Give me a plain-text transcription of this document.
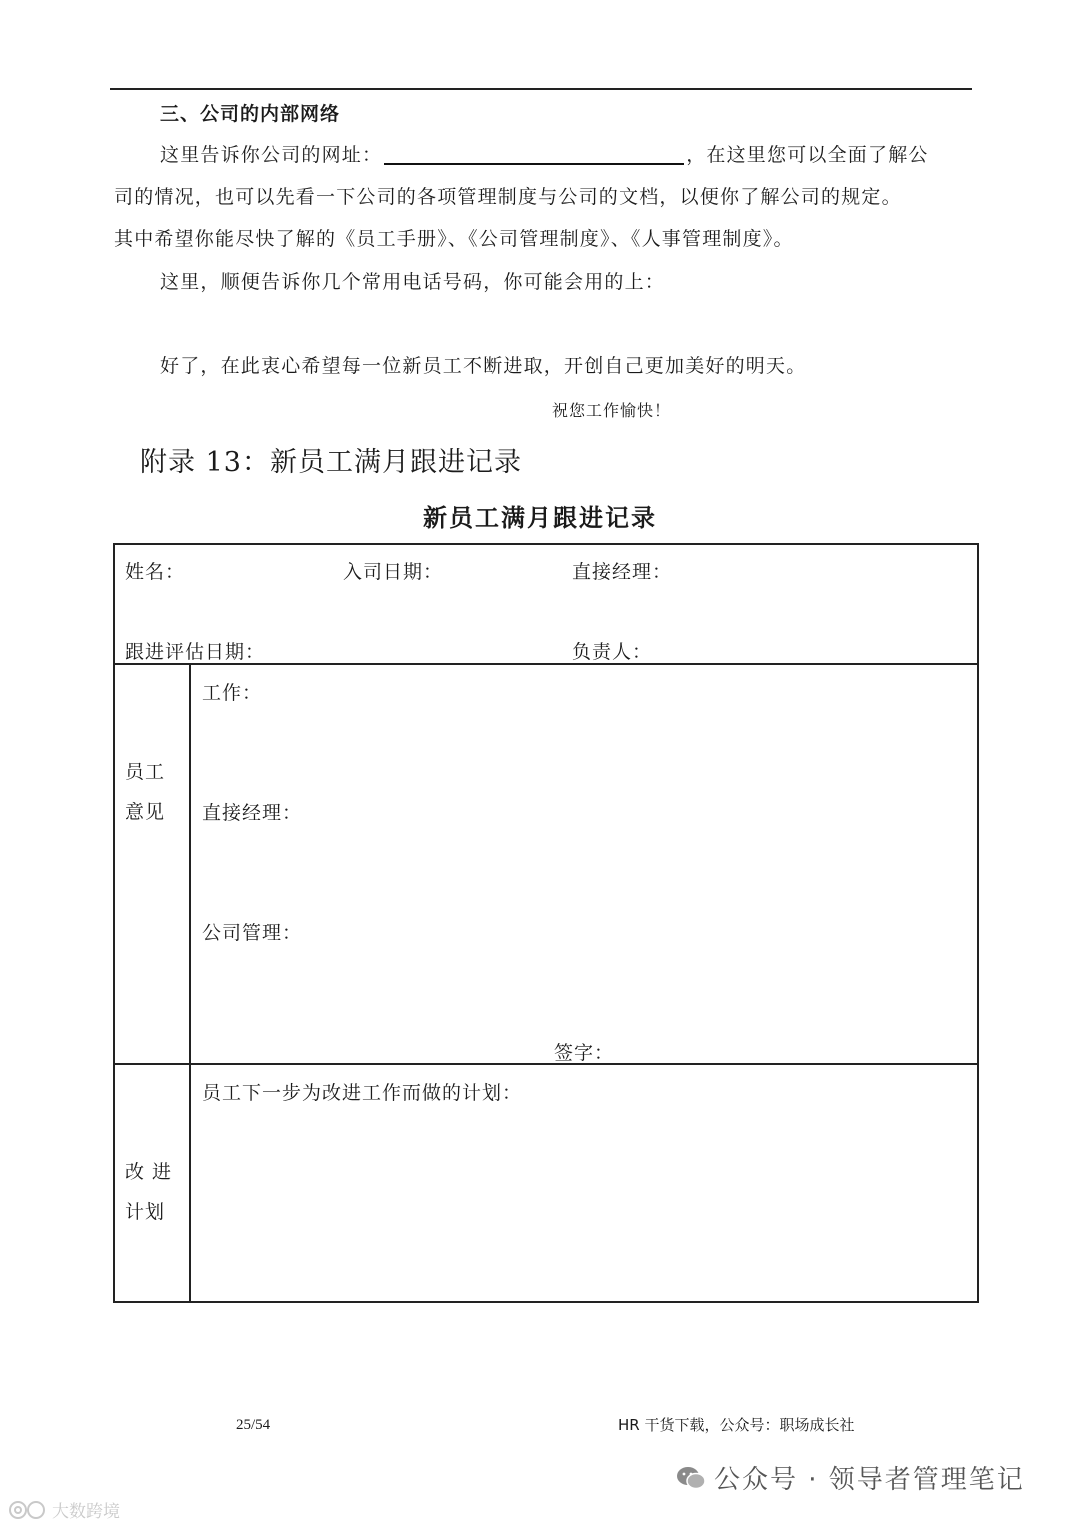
三、公司的内部网络
这里告诉你公司的网址：	，在这里您可以全面了解公
司的情况，也可以先看一下公司的各项管理制度与公司的文档，以便你了解公司的规定。
其中希望你能尽快了解的《员工手册》、《公司管理制度》、《人事管理制度》。
这里，顺便告诉你几个常用电话号码，你可能会用的上：
好了，在此衷心希望每一位新员工不断进取，开创自己更加美好的明天。
祝您工作愉快！
附录 13：新员工满月跟进记录
新员工满月跟进记录
姓名：	入司日期：	直接经理：
跟进评估日期：	负责人：
员工
意见
工作：
直接经理：
公司管理：
签字：
改 进
计划
员工下一步为改进工作而做的计划：
25/54	HR 干货下载，公众号：职场成长社
公众号 · 领导者管理笔记
大数跨境
